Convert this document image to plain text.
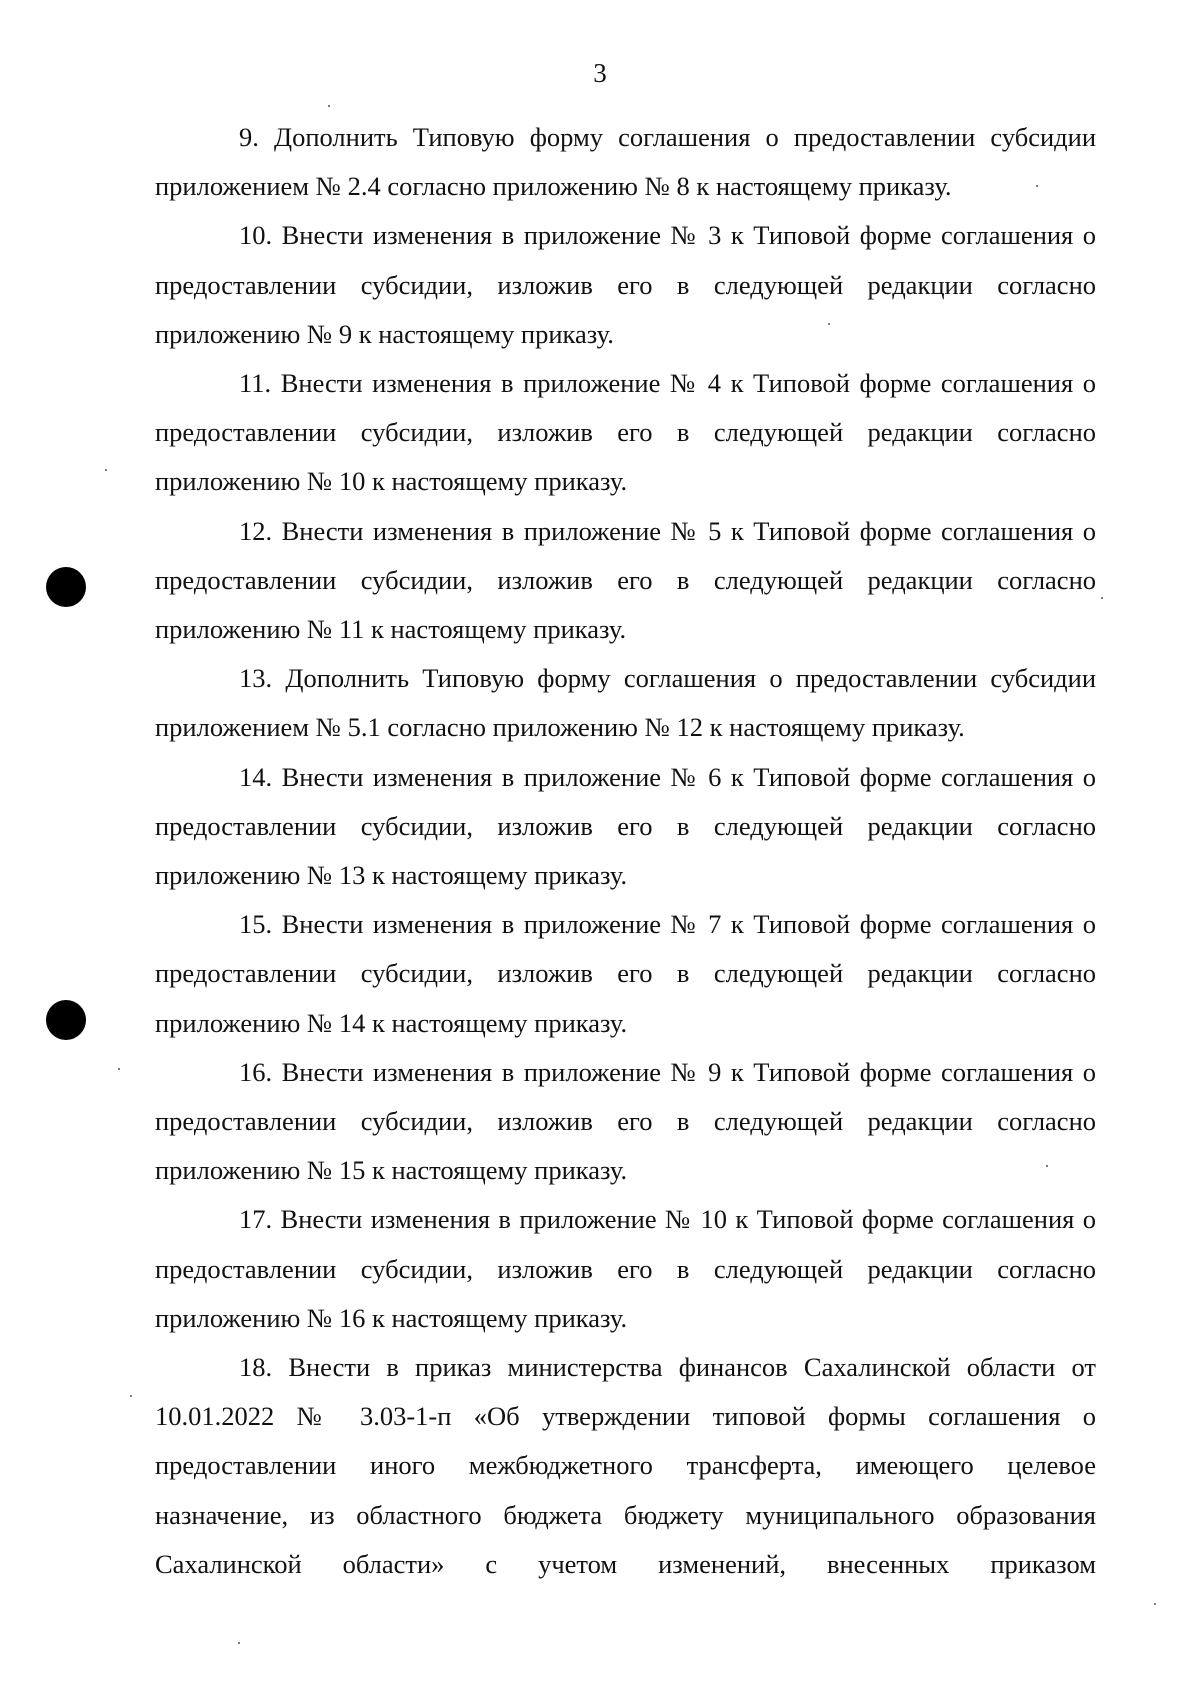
3

9. Дополнить Типовую форму соглашения о предоставлении субсидии приложением № 2.4 согласно приложению № 8 к настоящему приказу.

10. Внести изменения в приложение № 3 к Типовой форме соглашения о предоставлении субсидии, изложив его в следующей редакции согласно приложению № 9 к настоящему приказу.

11. Внести изменения в приложение № 4 к Типовой форме соглашения о предоставлении субсидии, изложив его в следующей редакции согласно приложению № 10 к настоящему приказу.

12. Внести изменения в приложение № 5 к Типовой форме соглашения о предоставлении субсидии, изложив его в следующей редакции согласно приложению № 11 к настоящему приказу.

13. Дополнить Типовую форму соглашения о предоставлении субсидии приложением № 5.1 согласно приложению № 12 к настоящему приказу.

14. Внести изменения в приложение № 6 к Типовой форме соглашения о предоставлении субсидии, изложив его в следующей редакции согласно приложению № 13 к настоящему приказу.

15. Внести изменения в приложение № 7 к Типовой форме соглашения о предоставлении субсидии, изложив его в следующей редакции согласно приложению № 14 к настоящему приказу.

16. Внести изменения в приложение № 9 к Типовой форме соглашения о предоставлении субсидии, изложив его в следующей редакции согласно приложению № 15 к настоящему приказу.

17. Внести изменения в приложение № 10 к Типовой форме соглашения о предоставлении субсидии, изложив его в следующей редакции согласно приложению № 16 к настоящему приказу.

18. Внести в приказ министерства финансов Сахалинской области от 10.01.2022 № 3.03-1-п «Об утверждении типовой формы соглашения о предоставлении иного межбюджетного трансферта, имеющего целевое назначение, из областного бюджета бюджету муниципального образования Сахалинской области» с учетом изменений, внесенных приказом
